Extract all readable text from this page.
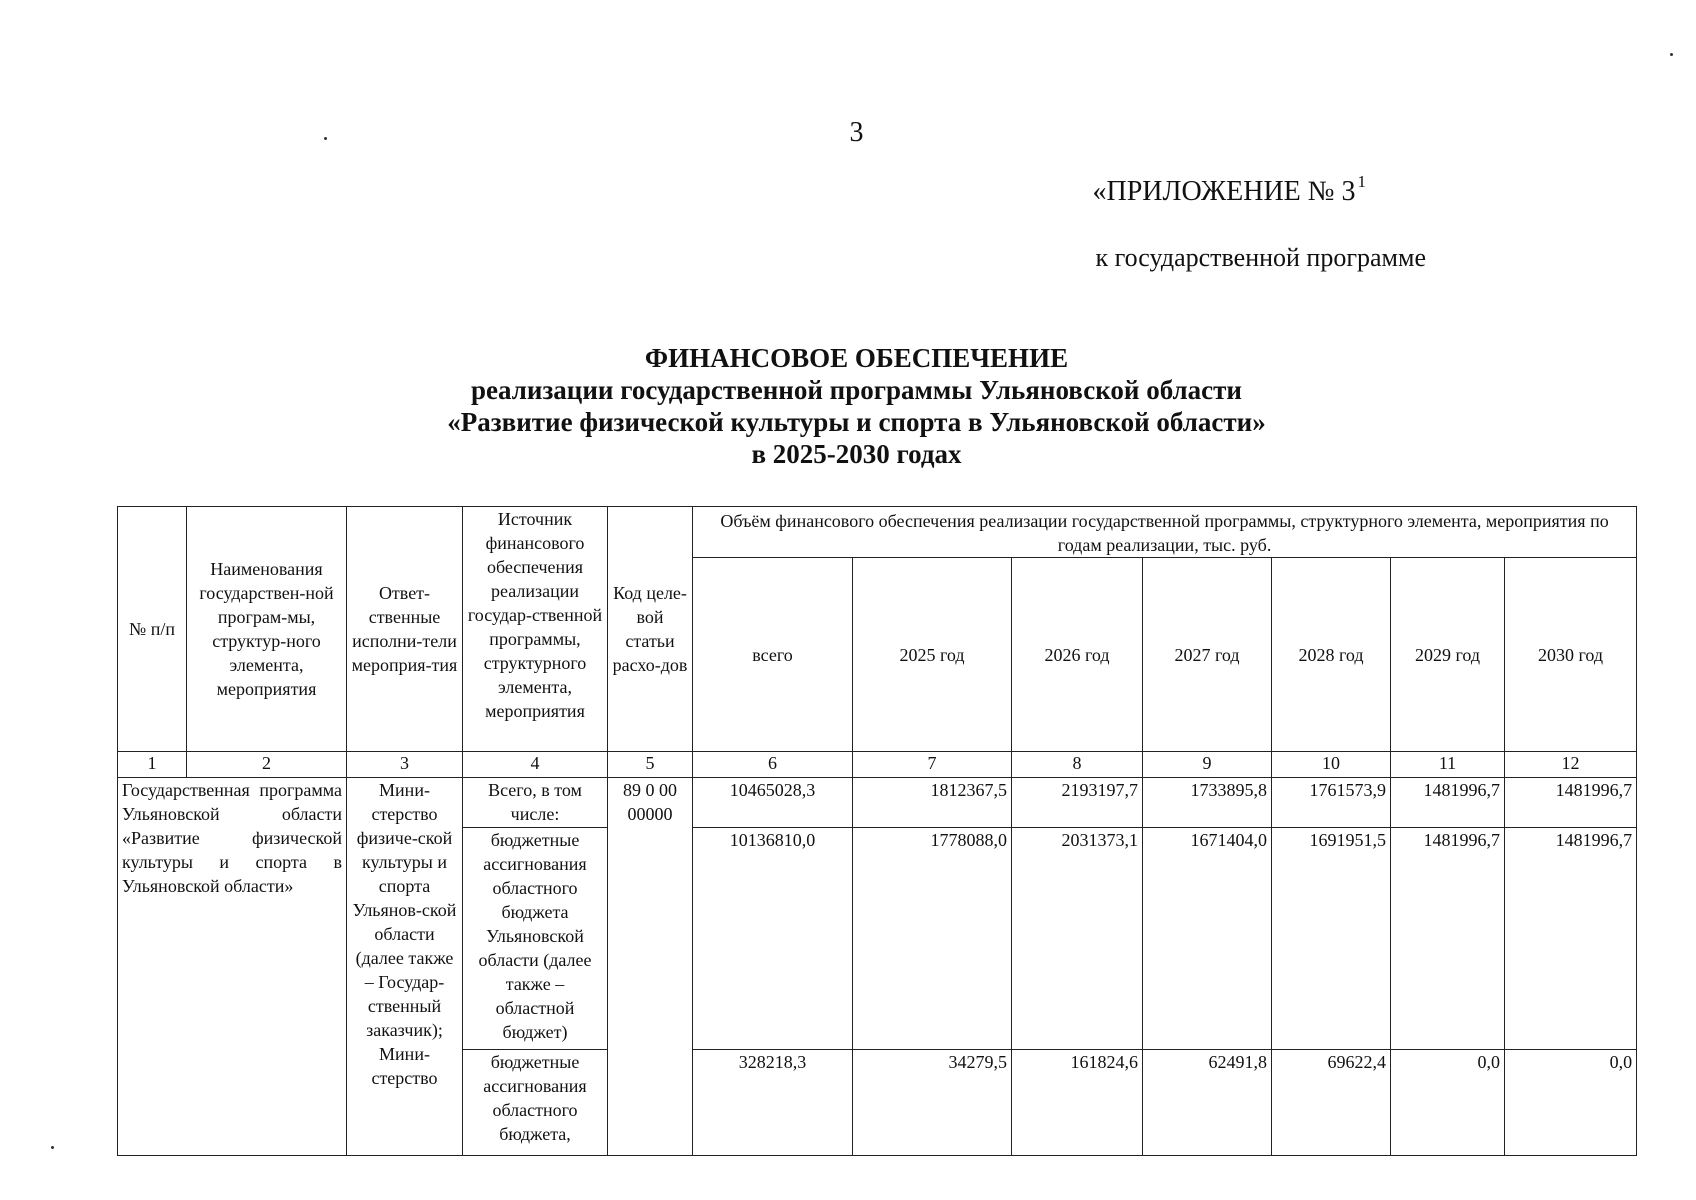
3
«ПРИЛОЖЕНИЕ № 3 $^1$
к государственной программе
ФИНАНСОВОЕ ОБЕСПЕЧЕНИЕ
реализации государственной программы Ульяновской области
«Развитие физической культуры и спорта в Ульяновской области»
в 2025-2030 годах
№ п/п	Наименования государствен-ной програм-мы, структур-ного элемента, мероприятия	Ответ-ственные исполни-тели мероприя-тия	Источник финансового обеспечения реализации государ-ственной программы, структурного элемента, мероприятия	Код целе-вой статьи расхо-дов	Объём финансового обеспечения реализации государственной программы, структурного элемента, мероприятия по годам реализации, тыс. руб.						
					всего	2025 год	2026 год	2027 год	2028 год	2029 год	2030 год
1	2	3	4	5	6	7	8	9	10	11	12
Государственная программа Ульяновской области «Развитие физической культуры и спорта в Ульяновской области»		Мини-стерство физиче-ской культуры и спорта Ульянов-ской области (далее также – Государ-ственный заказчик); Мини-стерство	Всего, в том числе:	89 0 00 00000	10465028,3	1812367,5	2193197,7	1733895,8	1761573,9	1481996,7	1481996,7
			бюджетные ассигнования областного бюджета Ульяновской области (далее также – областной бюджет)		10136810,0	1778088,0	2031373,1	1671404,0	1691951,5	1481996,7	1481996,7
			бюджетные ассигнования областного бюджета,		328218,3	34279,5	161824,6	62491,8	69622,4	0,0	0,0
